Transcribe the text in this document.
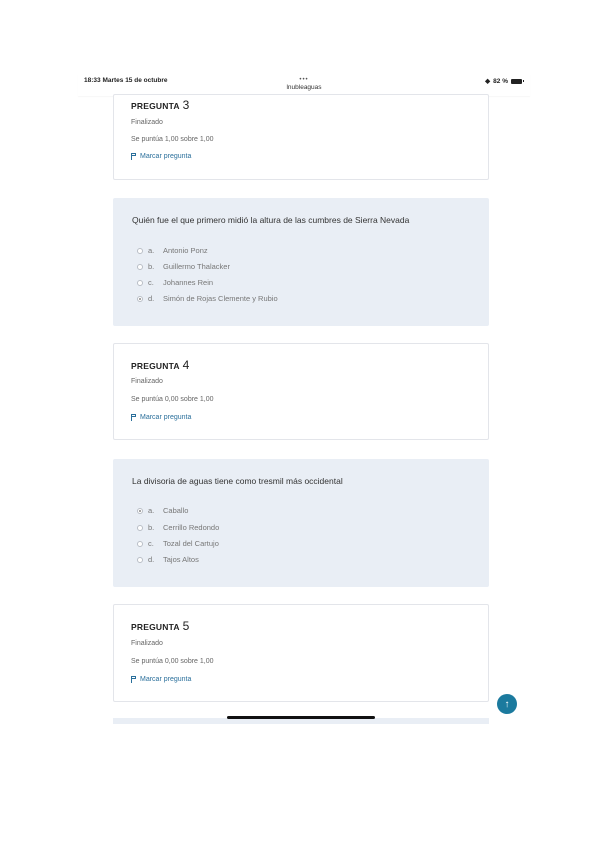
18:33 Martes 15 de octubre	•••
lnubleaguas
◆ 82 %
PREGUNTA 3
Finalizado
Se puntúa 1,00 sobre 1,00
Marcar pregunta
Quién fue el que primero midió la altura de las cumbres de Sierra Nevada
a.	Antonio Ponz
b.	Guillermo Thalacker
c.	Johannes Rein
d.	Simón de Rojas Clemente y Rubio
PREGUNTA 4
Finalizado
Se puntúa 0,00 sobre 1,00
Marcar pregunta
La divisoria de aguas tiene como tresmil más occidental
a.	Caballo
b.	Cerrillo Redondo
c.	Tozal del Cartujo
d.	Tajos Altos
PREGUNTA 5
Finalizado
Se puntúa 0,00 sobre 1,00
Marcar pregunta
↑
